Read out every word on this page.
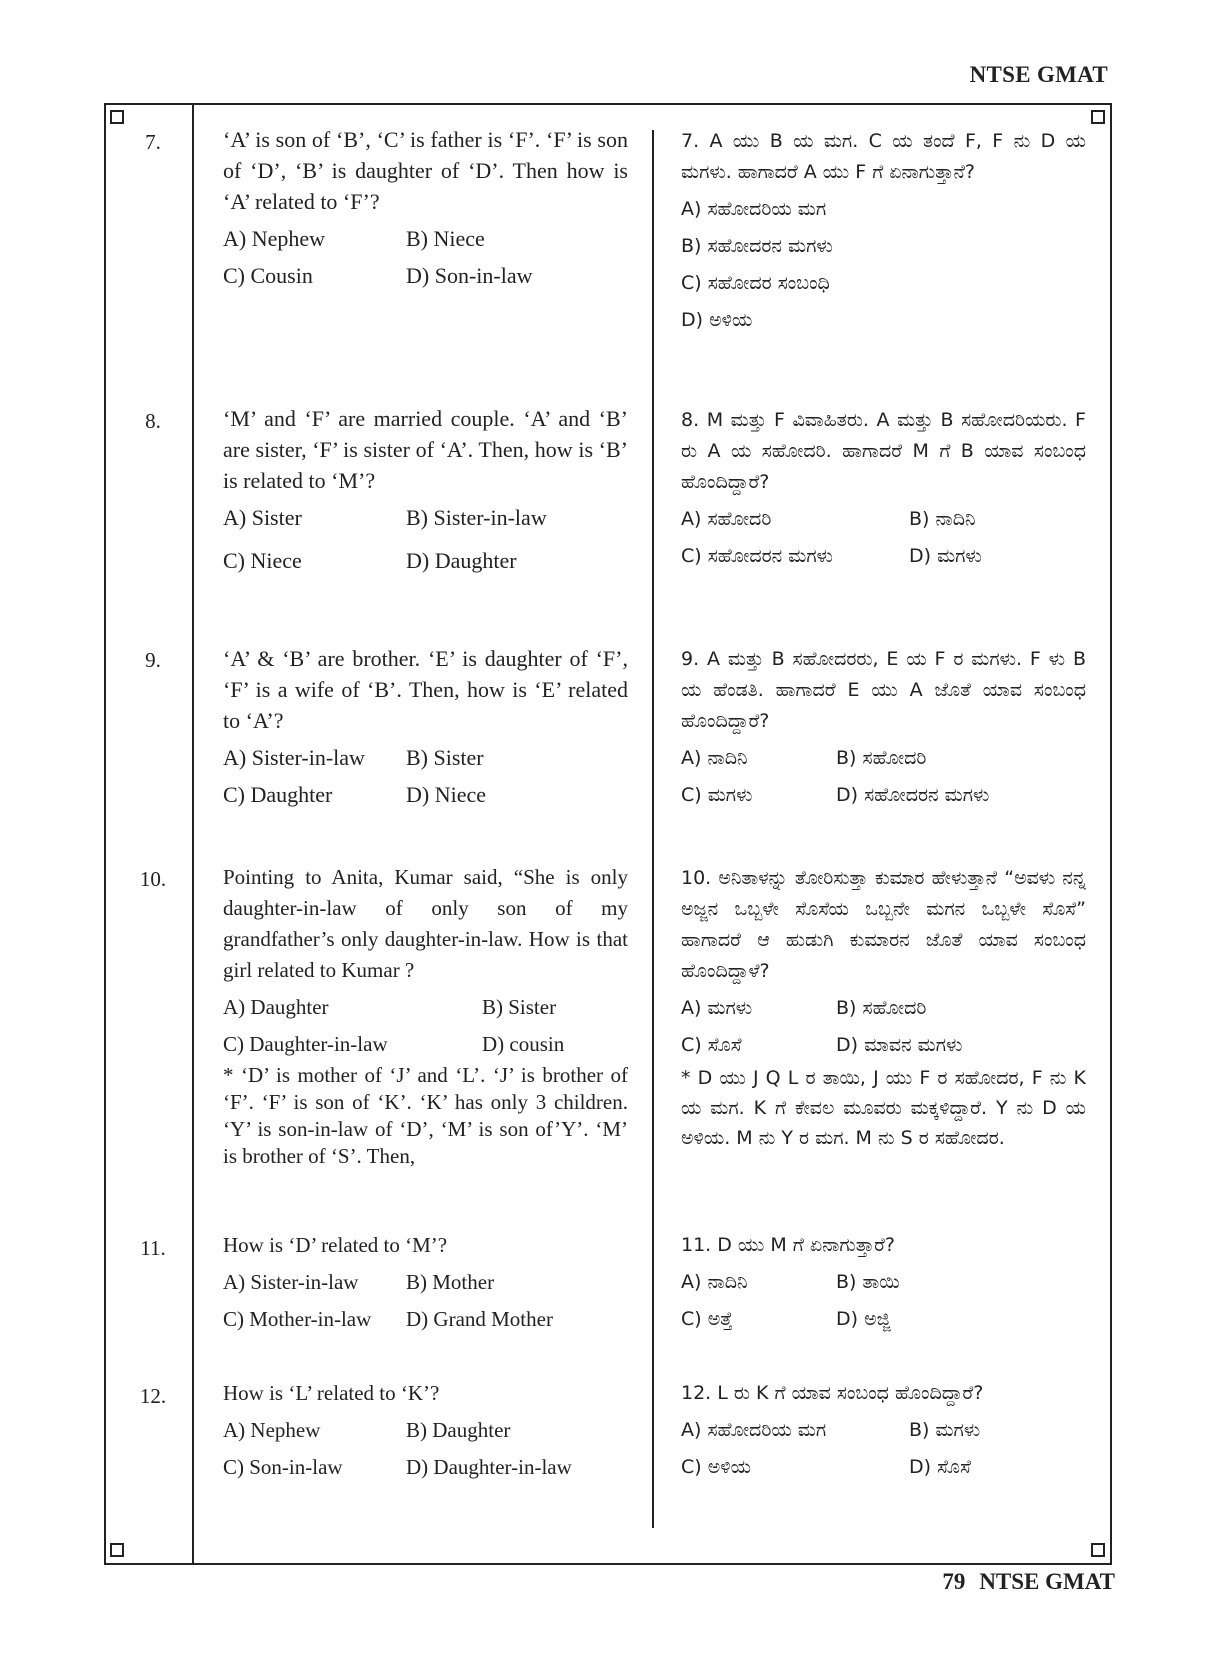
NTSE GMAT
7.	‘A’ is son of ‘B’, ‘C’ is father is ‘F’. ‘F’ is son of ‘D’, ‘B’ is daughter of ‘D’. Then how is ‘A’ related to ‘F’?

A) Nephew	B) Niece
C) Cousin	D) Son-in-law

7. A ಯು B ಯ ಮಗ. C ಯ ತಂದೆ F, F ನು D ಯ ಮಗಳು. ಹಾಗಾದರೆ A ಯು F ಗೆ ಏನಾಗುತ್ತಾನೆ?

A) ಸಹೋದರಿಯ ಮಗ
B) ಸಹೋದರನ ಮಗಳು
C) ಸಹೋದರ ಸಂಬಂಧಿ
D) ಅಳಿಯ
8.	‘M’ and ‘F’ are married couple. ‘A’ and ‘B’ are sister, ‘F’ is sister of ‘A’. Then, how is ‘B’ is related to ‘M’?

A) Sister	B) Sister-in-law
C) Niece	D) Daughter

8. M ಮತ್ತು F ವಿವಾಹಿತರು. A ಮತ್ತು B ಸಹೋದರಿಯರು. F ರು A ಯ ಸಹೋದರಿ. ಹಾಗಾದರೆ M ಗೆ B ಯಾವ ಸಂಬಂಧ ಹೊಂದಿದ್ದಾರೆ?

A) ಸಹೋದರಿ	B) ನಾದಿನಿ
C) ಸಹೋದರನ ಮಗಳು	D) ಮಗಳು
9.	‘A’ & ‘B’ are brother. ‘E’ is daughter of ‘F’, ‘F’ is a wife of ‘B’. Then, how is ‘E’ related to ‘A’?

A) Sister-in-law	B) Sister
C) Daughter	D) Niece

9. A ಮತ್ತು B ಸಹೋದರರು, E ಯ F ರ ಮಗಳು. F ಳು B ಯ ಹೆಂಡತಿ. ಹಾಗಾದರೆ E ಯು A ಜೊತೆ ಯಾವ ಸಂಬಂಧ ಹೊಂದಿದ್ದಾರೆ?

A) ನಾದಿನಿ	B) ಸಹೋದರಿ
C) ಮಗಳು	D) ಸಹೋದರನ ಮಗಳು
10.	Pointing to Anita, Kumar said, “She is only daughter-in-law of only son of my grandfather’s only daughter-in-law. How is that girl related to Kumar ?

A) Daughter	B) Sister
C) Daughter-in-law	D) cousin

* ‘D’ is mother of ‘J’ and ‘L’. ‘J’ is brother of ‘F’. ‘F’ is son of ‘K’. ‘K’ has only 3 children. ‘Y’ is son-in-law of ‘D’, ‘M’ is son of’Y’. ‘M’ is brother of ‘S’. Then,

10. ಅನಿತಾಳನ್ನು ತೋರಿಸುತ್ತಾ ಕುಮಾರ ಹೇಳುತ್ತಾನೆ “ಅವಳು ನನ್ನ ಅಜ್ಜನ ಒಬ್ಬಳೇ ಸೊಸೆಯ ಒಬ್ಬನೇ ಮಗನ ಒಬ್ಬಳೇ ಸೊಸೆ” ಹಾಗಾದರೆ ಆ ಹುಡುಗಿ ಕುಮಾರನ ಜೊತೆ ಯಾವ ಸಂಬಂಧ ಹೊಂದಿದ್ದಾಳೆ?

A) ಮಗಳು	B) ಸಹೋದರಿ
C) ಸೊಸೆ	D) ಮಾವನ ಮಗಳು

* D ಯು J Q L ರ ತಾಯಿ, J ಯು F ರ ಸಹೋದರ, F ನು K ಯ ಮಗ. K ಗೆ ಕೇವಲ ಮೂವರು ಮಕ್ಕಳಿದ್ದಾರೆ. Y ನು D ಯ ಅಳಿಯ. M ನು Y ರ ಮಗ. M ನು S ರ ಸಹೋದರ.

11.	How is ‘D’ related to ‘M’?

A) Sister-in-law	B) Mother
C) Mother-in-law	D) Grand Mother

11. D ಯು M ಗೆ ಏನಾಗುತ್ತಾರೆ?

A) ನಾದಿನಿ	B) ತಾಯಿ
C) ಅತ್ತೆ	D) ಅಜ್ಜಿ
12.	How is ‘L’ related to ‘K’?

A) Nephew	B) Daughter
C) Son-in-law	D) Daughter-in-law

12. L ರು K ಗೆ ಯಾವ ಸಂಬಂಧ ಹೊಂದಿದ್ದಾರೆ?

A) ಸಹೋದರಿಯ ಮಗ	B) ಮಗಳು
C) ಅಳಿಯ	D) ಸೊಸೆ
79 NTSE GMAT
